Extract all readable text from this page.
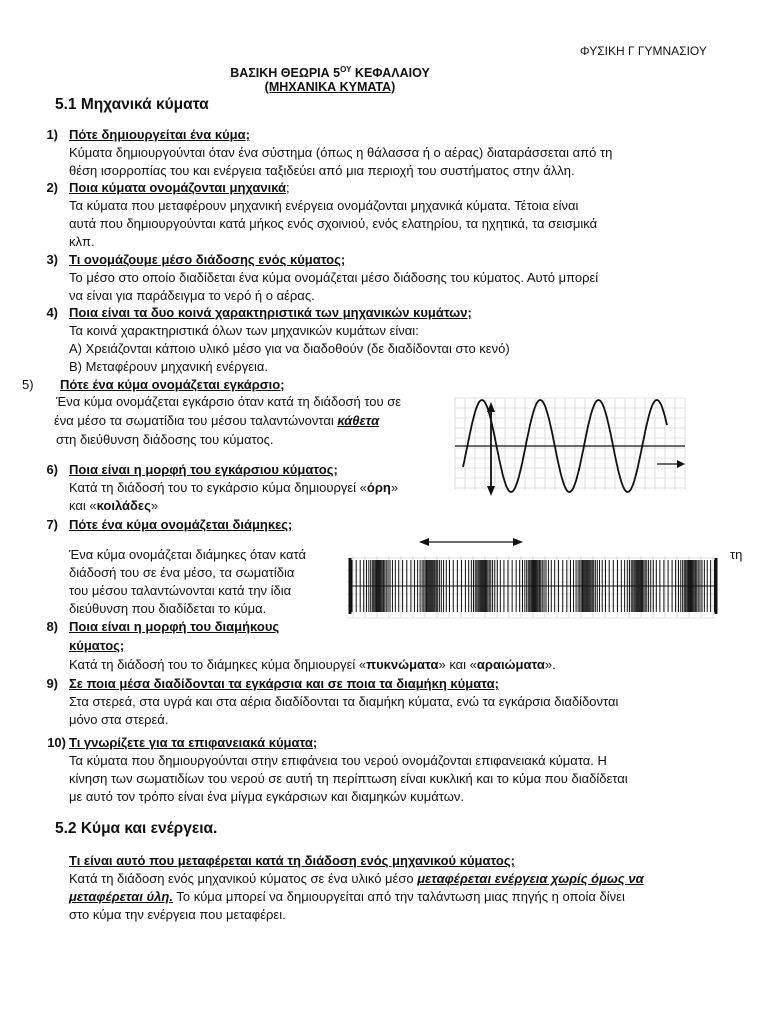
ΦΥΣΙΚΗ Γ ΓΥΜΝΑΣΙΟΥ
ΒΑΣΙΚΗ ΘΕΩΡΙΑ $5^{O\Upsilon}$ ΚΕΦΑΛΑΙΟΥ
(ΜΗΧΑΝΙΚΑ ΚΥΜΑΤΑ)
5.1 Μηχανικά κύματα
1) Πότε δημιουργείται ένα κύμα;
Κύματα δημιουργούνται όταν ένα σύστημα (όπως η θάλασσα ή ο αέρας) διαταράσσεται από τη
θέση ισορροπίας του και ενέργεια ταξιδεύει από μια περιοχή του συστήματος στην άλλη.
2) Ποια κύματα ονομάζονται μηχανικά;
Τα κύματα που μεταφέρουν μηχανική ενέργεια ονομάζονται μηχανικά κύματα. Τέτοια είναι
αυτά που δημιουργούνται κατά μήκος ενός σχοινιού, ενός ελατηρίου, τα ηχητικά, τα σεισμικά
κλπ.
3) Τι ονομάζουμε μέσο διάδοσης ενός κύματος;
Το μέσο στο οποίο διαδίδεται ένα κύμα ονομάζεται μέσο διάδοσης του κύματος. Αυτό μπορεί
να είναι για παράδειγμα το νερό ή ο αέρας.
4) Ποια είναι τα δυο κοινά χαρακτηριστικά των μηχανικών κυμάτων;
Τα κοινά χαρακτηριστικά όλων των μηχανικών κυμάτων είναι:
Α) Χρειάζονται κάποιο υλικό μέσο για να διαδοθούν (δε διαδίδονται στο κενό)
Β) Μεταφέρουν μηχανική ενέργεια.
5)	Πότε ένα κύμα ονομάζεται εγκάρσιο;
Ένα κύμα ονομάζεται εγκάρσιο όταν κατά τη διάδοσή του σε
ένα μέσο τα σωματίδια του μέσου ταλαντώνονται κάθετα
στη διεύθυνση διάδοσης του κύματος.
6) Ποια είναι η μορφή του εγκάρσιου κύματος;
Κατά τη διάδοσή του το εγκάρσιο κύμα δημιουργεί «όρη»
και «κοιλάδες»
7) Πότε ένα κύμα ονομάζεται διάμηκες;
Ένα κύμα ονομάζεται διάμηκες όταν κατά
διάδοσή του σε ένα μέσο, τα σωματίδια
του μέσου ταλαντώνονται κατά την ίδια
διεύθυνση που διαδίδεται το κύμα.
τη
8) Ποια είναι η μορφή του διαμήκους
κύματος;
Κατά τη διάδοσή του το διάμηκες κύμα δημιουργεί «πυκνώματα» και «αραιώματα».
9) Σε ποια μέσα διαδίδονται τα εγκάρσια και σε ποια τα διαμήκη κύματα;
Στα στερεά, στα υγρά και στα αέρια διαδίδονται τα διαμήκη κύματα, ενώ τα εγκάρσια διαδίδονται
μόνο στα στερεά.
10) Τι γνωρίζετε για τα επιφανειακά κύματα;
Τα κύματα που δημιουργούνται στην επιφάνεια του νερού ονομάζονται επιφανειακά κύματα. Η
κίνηση των σωματιδίων του νερού σε αυτή τη περίπτωση είναι κυκλική και το κύμα που διαδίδεται
με αυτό τον τρόπο είναι ένα μίγμα εγκάρσιων και διαμηκών κυμάτων.
5.2 Κύμα και ενέργεια.
Τι είναι αυτό που μεταφέρεται κατά τη διάδοση ενός μηχανικού κύματος;
Κατά τη διάδοση ενός μηχανικού κύματος σε ένα υλικό μέσο μεταφέρεται ενέργεια χωρίς όμως να
μεταφέρεται ύλη. Το κύμα μπορεί να δημιουργείται από την ταλάντωση μιας πηγής η οποία δίνει
στο κύμα την ενέργεια που μεταφέρει.
